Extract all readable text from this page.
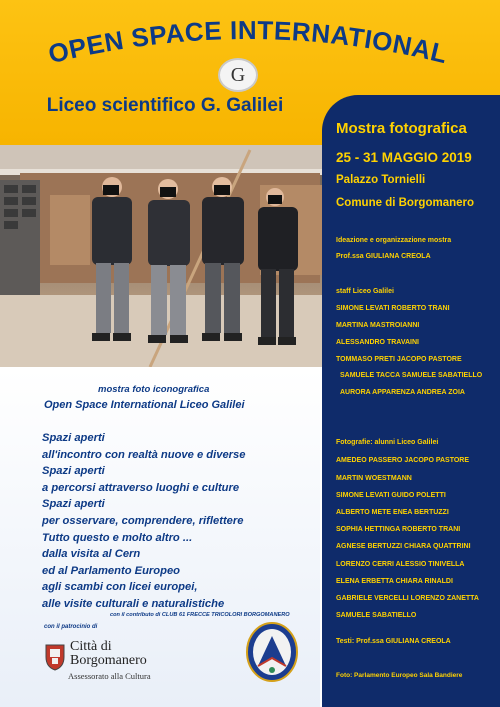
OPEN SPACE INTERNATIONAL
G
Liceo scientifico G. Galilei
Mostra fotografica
25 - 31 MAGGIO 2019
Palazzo Tornielli
Comune di Borgomanero
Ideazione e organizzazione mostra
Prof.ssa GIULIANA CREOLA
staff Liceo Galilei
SIMONE LEVATI ROBERTO TRANI
MARTINA MASTROIANNI
ALESSANDRO TRAVAINI
TOMMASO PRETI JACOPO PASTORE
SAMUELE TACCA SAMUELE SABATIELLO
AURORA APPARENZA ANDREA ZOIA
Fotografie: alunni Liceo Galilei
AMEDEO PASSERO JACOPO PASTORE
MARTIN WOESTMANN
SIMONE LEVATI GUIDO POLETTI
ALBERTO METE ENEA BERTUZZI
SOPHIA HETTINGA ROBERTO TRANI
AGNESE BERTUZZI CHIARA QUATTRINI
LORENZO CERRI ALESSIO TINIVELLA
ELENA ERBETTA CHIARA RINALDI
GABRIELE VERCELLI LORENZO ZANETTA
SAMUELE SABATIELLO
Testi: Prof.ssa GIULIANA CREOLA
Foto: Parlamento Europeo Sala Bandiere
mostra foto iconografica
Open Space International Liceo Galilei
Spazi aperti
all'incontro con realtà nuove e diverse
Spazi aperti
a percorsi attraverso luoghi e culture
Spazi aperti
per osservare, comprendere, riflettere
Tutto questo e molto altro ...
dalla visita al Cern
ed al Parlamento Europeo
agli scambi con licei europei,
alle visite culturali e naturalistiche
con il contributo di CLUB 61 FRECCE TRICOLORI BORGOMANERO
con il patrocinio di
Città di
Borgomanero
Assessorato alla Cultura
